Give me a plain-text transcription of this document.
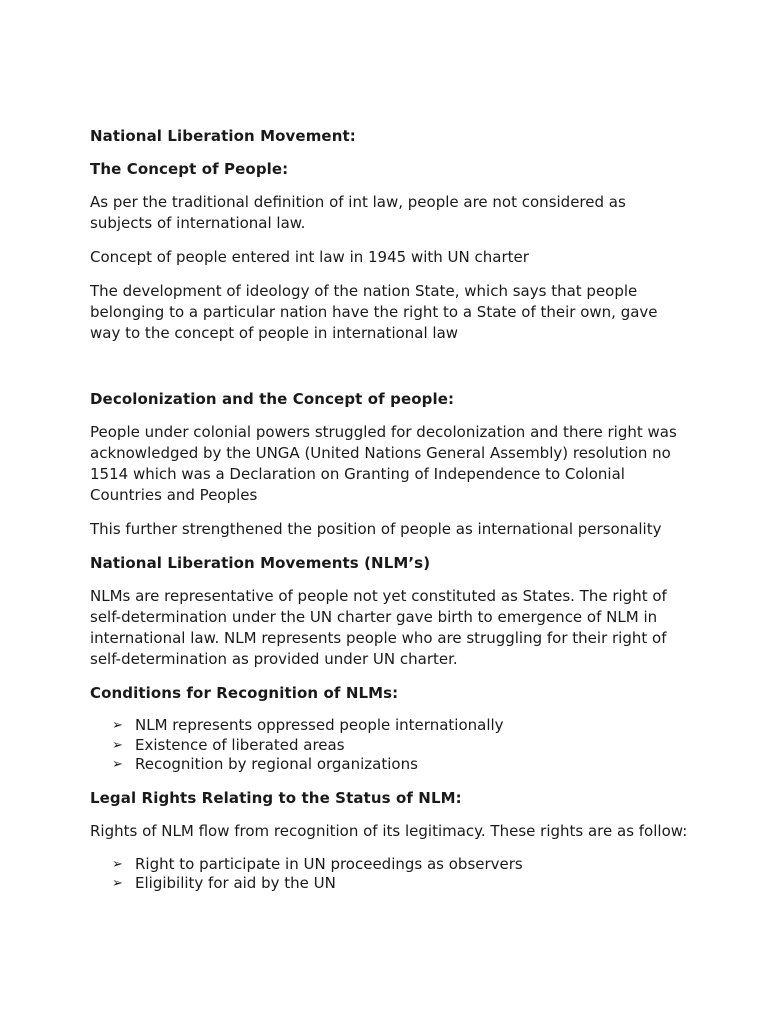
National Liberation Movement:
The Concept of People:
As per the traditional definition of int law, people are not considered as subjects of international law.
Concept of people entered int law in 1945 with UN charter
The development of ideology of the nation State, which says that people belonging to a particular nation have the right to a State of their own, gave way to the concept of people in international law
Decolonization and the Concept of people:
People under colonial powers struggled for decolonization and there right was acknowledged by the UNGA (United Nations General Assembly) resolution no 1514 which was a Declaration on Granting of Independence to Colonial Countries and Peoples
This further strengthened the position of people as international personality
National Liberation Movements (NLM’s)
NLMs are representative of people not yet constituted as States. The right of self-determination under the UN charter gave birth to emergence of NLM in international law. NLM represents people who are struggling for their right of self-determination as provided under UN charter.
Conditions for Recognition of NLMs:
➢ NLM represents oppressed people internationally
➢ Existence of liberated areas
➢ Recognition by regional organizations
Legal Rights Relating to the Status of NLM:
Rights of NLM flow from recognition of its legitimacy. These rights are as follow:
➢ Right to participate in UN proceedings as observers
➢ Eligibility for aid by the UN
